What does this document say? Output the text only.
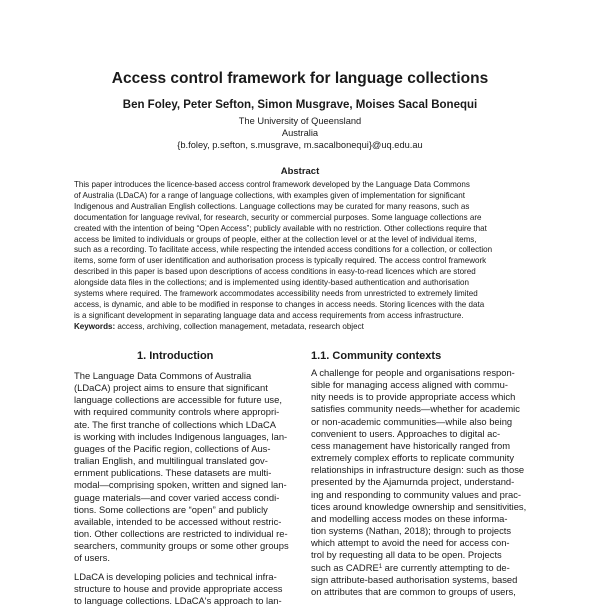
Access control framework for language collections
Ben Foley, Peter Sefton, Simon Musgrave, Moises Sacal Bonequi
The University of Queensland
Australia
{b.foley, p.sefton, s.musgrave, m.sacalbonequi}@uq.edu.au
Abstract

This paper introduces the licence-based access control framework developed by the Language Data Commons
of Australia (LDaCA) for a range of language collections, with examples given of implementation for significant
Indigenous and Australian English collections. Language collections may be curated for many reasons, such as
documentation for language revival, for research, security or commercial purposes. Some language collections are
created with the intention of being “Open Access”; publicly available with no restriction. Other collections require that
access be limited to individuals or groups of people, either at the collection level or at the level of individual items,
such as a recording. To facilitate access, while respecting the intended access conditions for a collection, or collection
items, some form of user identification and authorisation process is typically required. The access control framework
described in this paper is based upon descriptions of access conditions in easy-to-read licences which are stored
alongside data files in the collections; and is implemented using identity-based authentication and authorisation
systems where required. The framework accommodates accessibility needs from unrestricted to extremely limited
access, is dynamic, and able to be modified in response to changes in access needs. Storing licences with the data
is a significant development in separating language data and access requirements from access infrastructure.
Keywords: access, archiving, collection management, metadata, research object

1. Introduction
The Language Data Commons of Australia
(LDaCA) project aims to ensure that significant
language collections are accessible for future use,
with required community controls where appropri-
ate. The first tranche of collections which LDaCA
is working with includes Indigenous languages, lan-
guages of the Pacific region, collections of Aus-
tralian English, and multilingual translated gov-
ernment publications. These datasets are multi-
modal—comprising spoken, written and signed lan-
guage materials—and cover varied access condi-
tions. Some collections are “open” and publicly
available, intended to be accessed without restric-
tion. Other collections are restricted to individual re-
searchers, community groups or some other groups
of users.
LDaCA is developing policies and technical infra-
structure to house and provide appropriate access
to language collections. LDaCA's approach to lan-
1.1. Community contexts
A challenge for people and organisations respon-
sible for managing access aligned with commu-
nity needs is to provide appropriate access which
satisfies community needs—whether for academic
or non-academic communities—while also being
convenient to users. Approaches to digital ac-
cess management have historically ranged from
extremely complex efforts to replicate community
relationships in infrastructure design: such as those
presented by the Ajamurnda project, understand-
ing and responding to community values and prac-
tices around knowledge ownership and sensitivities,
and modelling access modes on these informa-
tion systems (Nathan, 2018); through to projects
which attempt to avoid the need for access con-
trol by requesting all data to be open. Projects
such as CADRE$^1$ are currently attempting to de-
sign attribute-based authorisation systems, based
on attributes that are common to groups of users,
